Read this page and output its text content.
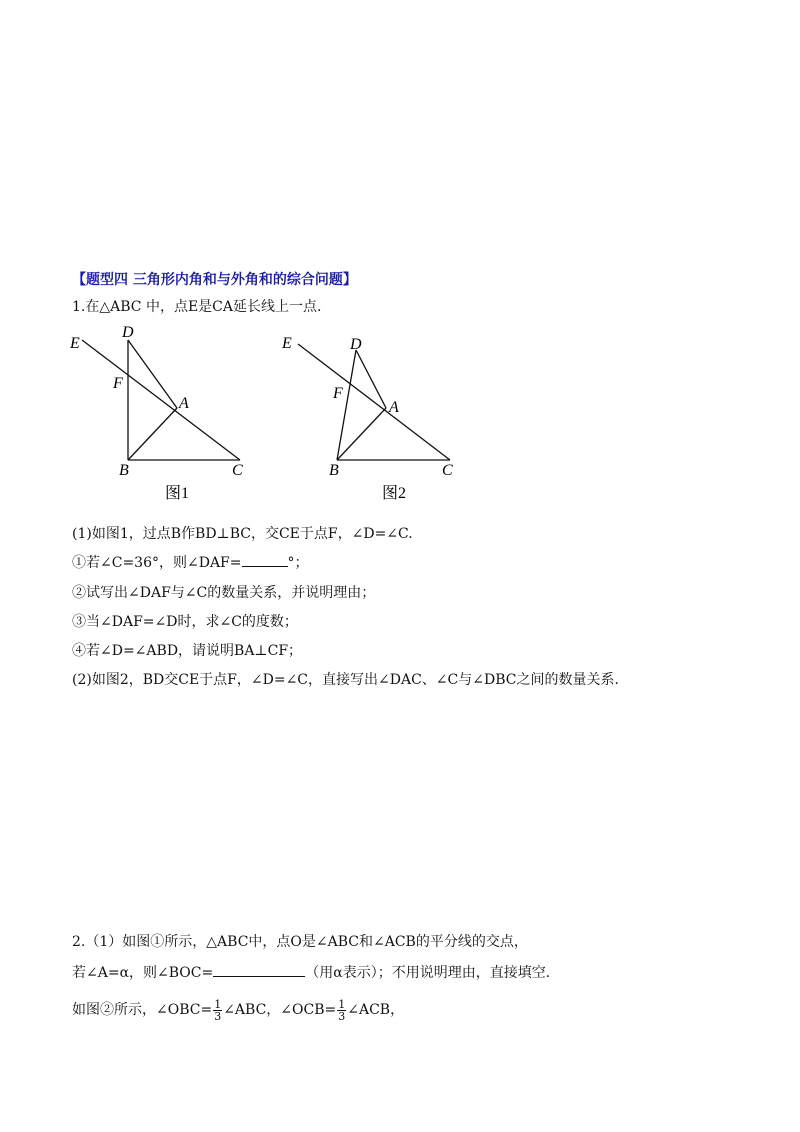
【题型四 三角形内角和与外角和的综合问题】
1.在△ABC 中，点E是CA延长线上一点.
E
D
F
A
B	C
图1
E	D
F
A
B	C
图2
(1)如图1，过点B作BD⊥BC，交CE于点F，∠D=∠C.
①若∠C=36°，则∠DAF=	°；
②试写出∠DAF与∠C的数量关系，并说明理由；
③当∠DAF=∠D时，求∠C的度数；
④若∠D=∠ABD，请说明BA⊥CF；
(2)如图2，BD交CE于点F，∠D=∠C，直接写出∠DAC、∠C与∠DBC之间的数量关系.
2.（1）如图①所示，△ABC中，点O是∠ABC和∠ACB的平分线的交点，
若∠A=α，则∠BOC=	（用α表示）；不用说明理由，直接填空.
如图②所示，∠OBC= $\frac{1}{3}$ ∠ABC，∠OCB= $\frac{1}{3}$ ∠ACB，
